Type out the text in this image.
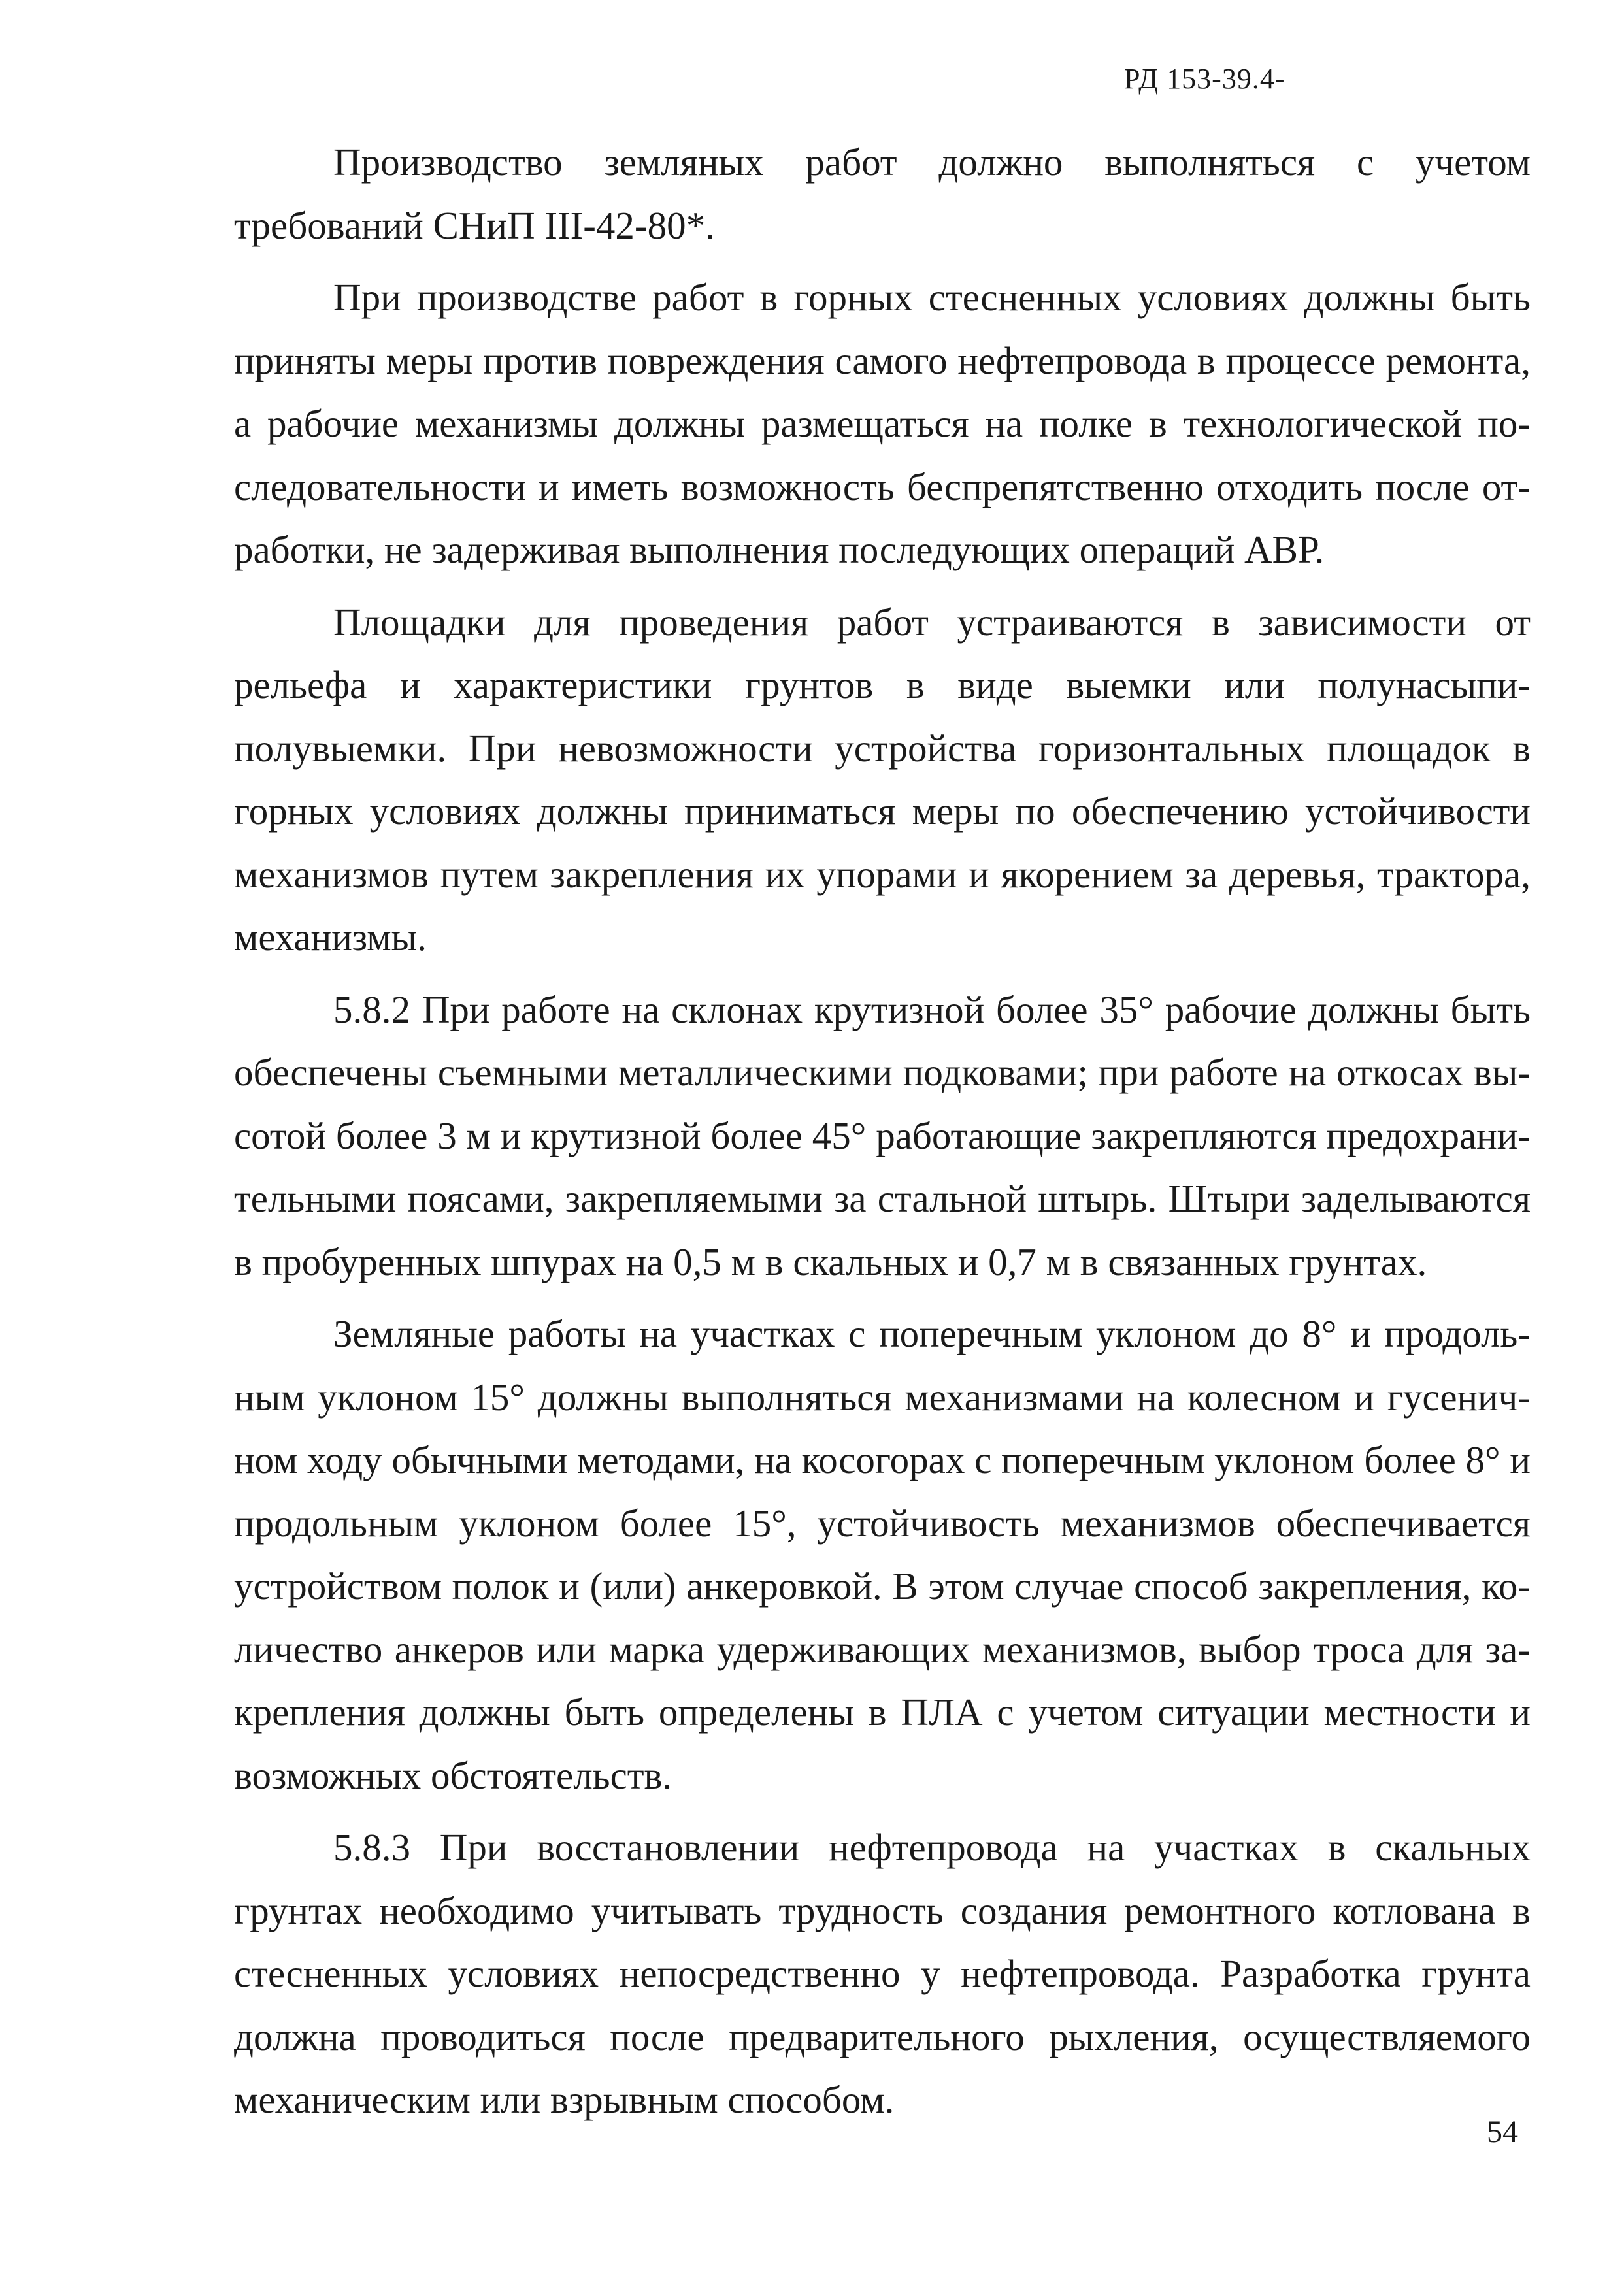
РД 153-39.4-

Производство земляных работ должно выполняться с учетом требований СНиП III-42-80*.

При производстве работ в горных стесненных условиях должны быть приняты меры против повреждения самого нефтепровода в процессе ремонта, а рабочие механизмы должны размещаться на полке в технологической последовательности и иметь возможность беспрепятственно отходить после отработки, не задерживая выполнения последующих операций АВР.

Площадки для проведения работ устраиваются в зависимости от рельефа и характеристики грунтов в виде выемки или полунасыпи-полувыемки. При невозможности устройства горизонтальных площадок в горных условиях должны приниматься меры по обеспечению устойчивости механизмов путем закрепления их упорами и якорением за деревья, трактора, механизмы.

5.8.2 При работе на склонах крутизной более 35° рабочие должны быть обеспечены съемными металлическими подковами; при работе на откосах высотой более 3 м и крутизной более 45° работающие закрепляются предохранительными поясами, закрепляемыми за стальной штырь. Штыри заделываются в пробуренных шпурах на 0,5 м в скальных и 0,7 м в связанных грунтах.

Земляные работы на участках с поперечным уклоном до 8° и продольным уклоном 15° должны выполняться механизмами на колесном и гусеничном ходу обычными методами, на косогорах с поперечным уклоном более 8° и продольным уклоном более 15°, устойчивость механизмов обеспечивается устройством полок и (или) анкеровкой. В этом случае способ закрепления, количество анкеров или марка удерживающих механизмов, выбор троса для закрепления должны быть определены в ПЛА с учетом ситуации местности и возможных обстоятельств.

5.8.3 При восстановлении нефтепровода на участках в скальных грунтах необходимо учитывать трудность создания ремонтного котлована в стесненных условиях непосредственно у нефтепровода. Разработка грунта должна проводиться после предварительного рыхления, осуществляемого механическим или взрывным способом.

54
